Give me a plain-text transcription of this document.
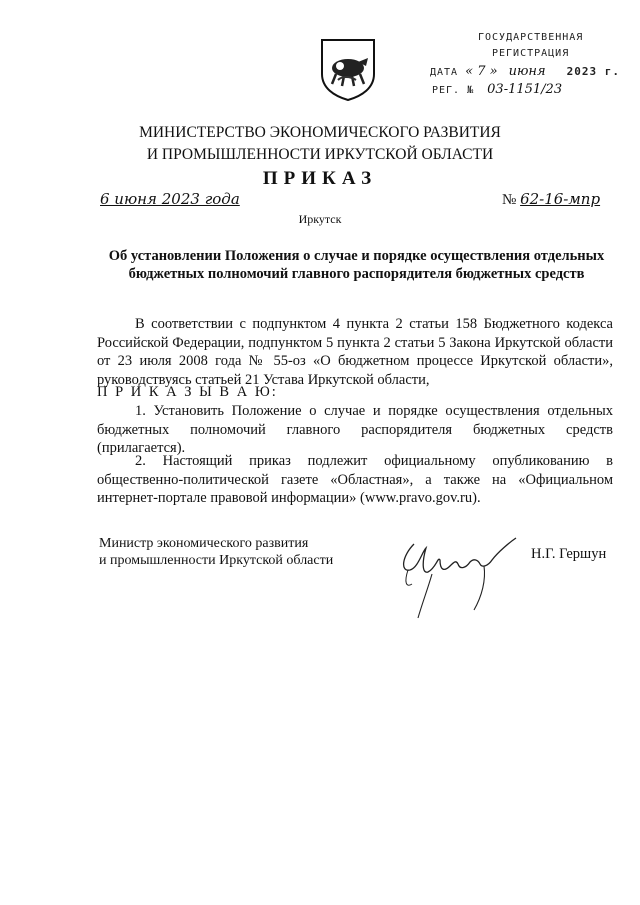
ГОСУДАРСТВЕННАЯ
РЕГИСТРАЦИЯ
ДАТА « 7 » июня 2023 г.
РЕГ. № 03-1151/23
МИНИСТЕРСТВО ЭКОНОМИЧЕСКОГО РАЗВИТИЯ
И ПРОМЫШЛЕННОСТИ ИРКУТСКОЙ ОБЛАСТИ
ПРИКАЗ
6 июня 2023 года	№ 62-16-мпр
Иркутск
Об установлении Положения о случае и порядке осуществления отдельных бюджетных полномочий главного распорядителя бюджетных средств
В соответствии с подпунктом 4 пункта 2 статьи 158 Бюджетного кодекса Российской Федерации, подпунктом 5 пункта 2 статьи 5 Закона Иркутской области от 23 июля 2008 года № 55-оз «О бюджетном процессе Иркутской области», руководствуясь статьей 21 Устава Иркутской области,
П Р И К А З Ы В А Ю:
1. Установить Положение о случае и порядке осуществления отдельных бюджетных полномочий главного распорядителя бюджетных средств (прилагается).
2. Настоящий приказ подлежит официальному опубликованию в общественно-политической газете «Областная», а также на «Официальном интернет-портале правовой информации» (www.pravo.gov.ru).
Министр экономического развития
и промышленности Иркутской области	Н.Г. Гершун
